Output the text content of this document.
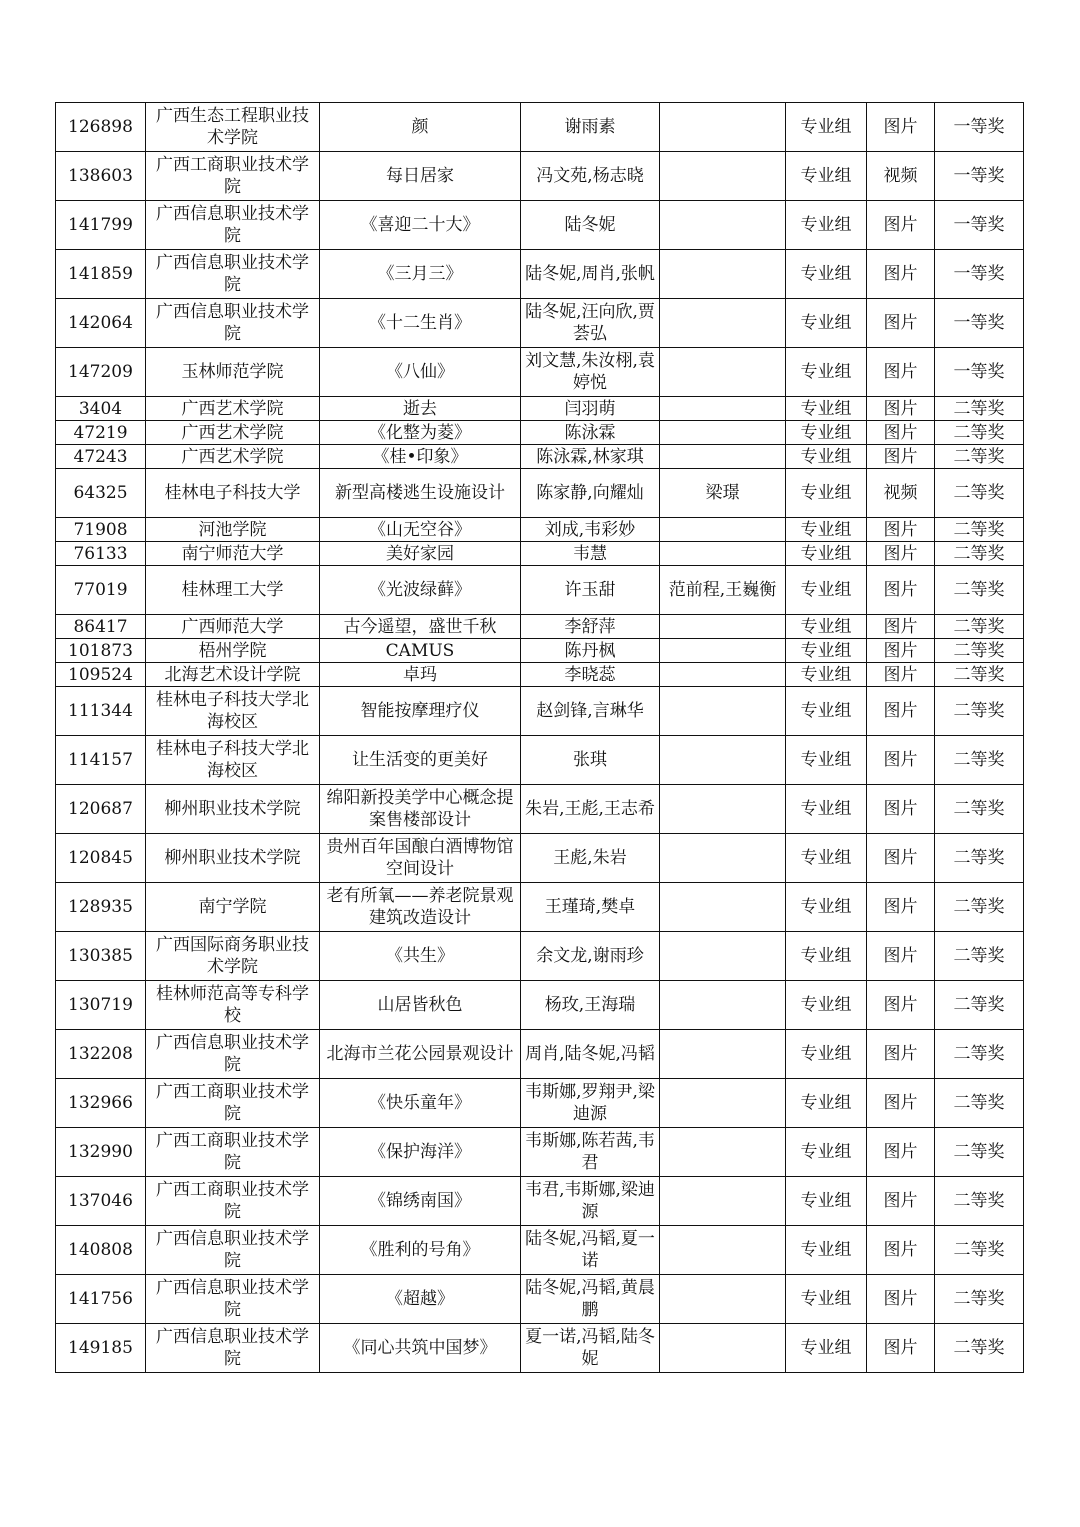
126898	广西生态工程职业技术学院	颜	谢雨素		专业组	图片	一等奖
138603	广西工商职业技术学院	每日居家	冯文苑,杨志晓		专业组	视频	一等奖
141799	广西信息职业技术学院	《喜迎二十大》	陆冬妮		专业组	图片	一等奖
141859	广西信息职业技术学院	《三月三》	陆冬妮,周肖,张帆		专业组	图片	一等奖
142064	广西信息职业技术学院	《十二生肖》	陆冬妮,汪向欣,贾荟弘		专业组	图片	一等奖
147209	玉林师范学院	《八仙》	刘文慧,朱汝栩,袁婷悦		专业组	图片	一等奖
3404	广西艺术学院	逝去	闫羽萌		专业组	图片	二等奖
47219	广西艺术学院	《化整为菱》	陈泳霖		专业组	图片	二等奖
47243	广西艺术学院	《桂•印象》	陈泳霖,林家琪		专业组	图片	二等奖
64325	桂林电子科技大学	新型高楼逃生设施设计	陈家静,向耀灿	梁璟	专业组	视频	二等奖
71908	河池学院	《山无空谷》	刘成,韦彩妙		专业组	图片	二等奖
76133	南宁师范大学	美好家园	韦慧		专业组	图片	二等奖
77019	桂林理工大学	《光波绿藓》	许玉甜	范前程,王巍衡	专业组	图片	二等奖
86417	广西师范大学	古今遥望，盛世千秋	李舒萍		专业组	图片	二等奖
101873	梧州学院	CAMUS	陈丹枫		专业组	图片	二等奖
109524	北海艺术设计学院	卓玛	李晓蕊		专业组	图片	二等奖
111344	桂林电子科技大学北海校区	智能按摩理疗仪	赵剑锋,言琳华		专业组	图片	二等奖
114157	桂林电子科技大学北海校区	让生活变的更美好	张琪		专业组	图片	二等奖
120687	柳州职业技术学院	绵阳新投美学中心概念提案售楼部设计	朱岩,王彪,王志希		专业组	图片	二等奖
120845	柳州职业技术学院	贵州百年国酿白酒博物馆空间设计	王彪,朱岩		专业组	图片	二等奖
128935	南宁学院	老有所氧——养老院景观建筑改造设计	王瑾琦,樊卓		专业组	图片	二等奖
130385	广西国际商务职业技术学院	《共生》	余文龙,谢雨珍		专业组	图片	二等奖
130719	桂林师范高等专科学校	山居皆秋色	杨玫,王海瑞		专业组	图片	二等奖
132208	广西信息职业技术学院	北海市兰花公园景观设计	周肖,陆冬妮,冯韬		专业组	图片	二等奖
132966	广西工商职业技术学院	《快乐童年》	韦斯娜,罗翔尹,梁迪源		专业组	图片	二等奖
132990	广西工商职业技术学院	《保护海洋》	韦斯娜,陈若茜,韦君		专业组	图片	二等奖
137046	广西工商职业技术学院	《锦绣南国》	韦君,韦斯娜,梁迪源		专业组	图片	二等奖
140808	广西信息职业技术学院	《胜利的号角》	陆冬妮,冯韬,夏一诺		专业组	图片	二等奖
141756	广西信息职业技术学院	《超越》	陆冬妮,冯韬,黄晨鹏		专业组	图片	二等奖
149185	广西信息职业技术学院	《同心共筑中国梦》	夏一诺,冯韬,陆冬妮		专业组	图片	二等奖
